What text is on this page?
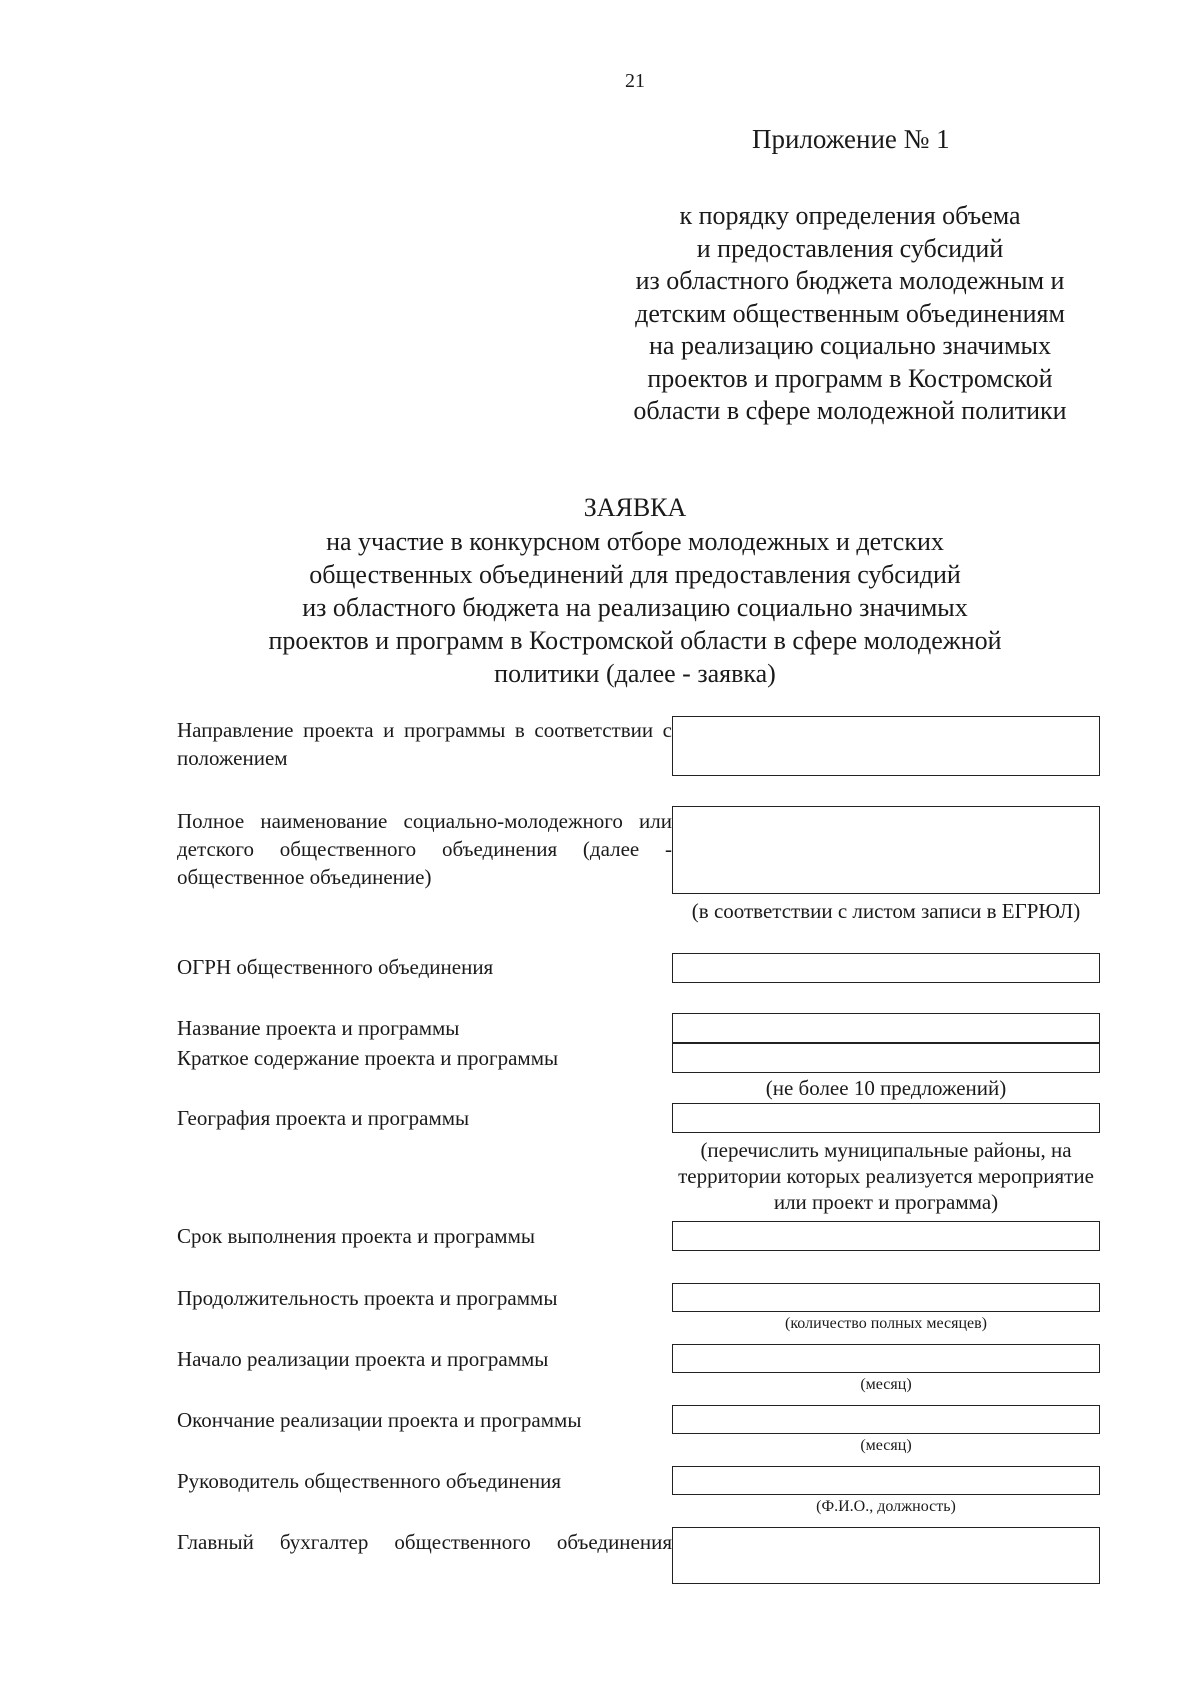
21
Приложение № 1
к порядку определения объема
и предоставления субсидий
из областного бюджета молодежным и
детским общественным объединениям
на реализацию социально значимых
проектов и программ в Костромской
области в сфере молодежной политики
ЗАЯВКА
на участие в конкурсном отборе молодежных и детских
общественных объединений для предоставления субсидий
из областного бюджета на реализацию социально значимых
проектов и программ в Костромской области в сфере молодежной
политики (далее - заявка)
Направление проекта и программы в соответствии с положением
Полное наименование социально-молодежного или детского общественного объединения (далее - общественное объединение)
(в соответствии с листом записи в ЕГРЮЛ)
ОГРН общественного объединения
Название проекта и программы
Краткое содержание проекта и программы
(не более 10 предложений)
География проекта и программы
(перечислить муниципальные районы, на территории которых реализуется мероприятие или проект и программа)
Срок выполнения проекта и программы
Продолжительность проекта и программы
(количество полных месяцев)
Начало реализации проекта и программы
(месяц)
Окончание реализации проекта и программы
(месяц)
Руководитель общественного объединения
(Ф.И.О., должность)
Главный бухгалтер общественного объединения
